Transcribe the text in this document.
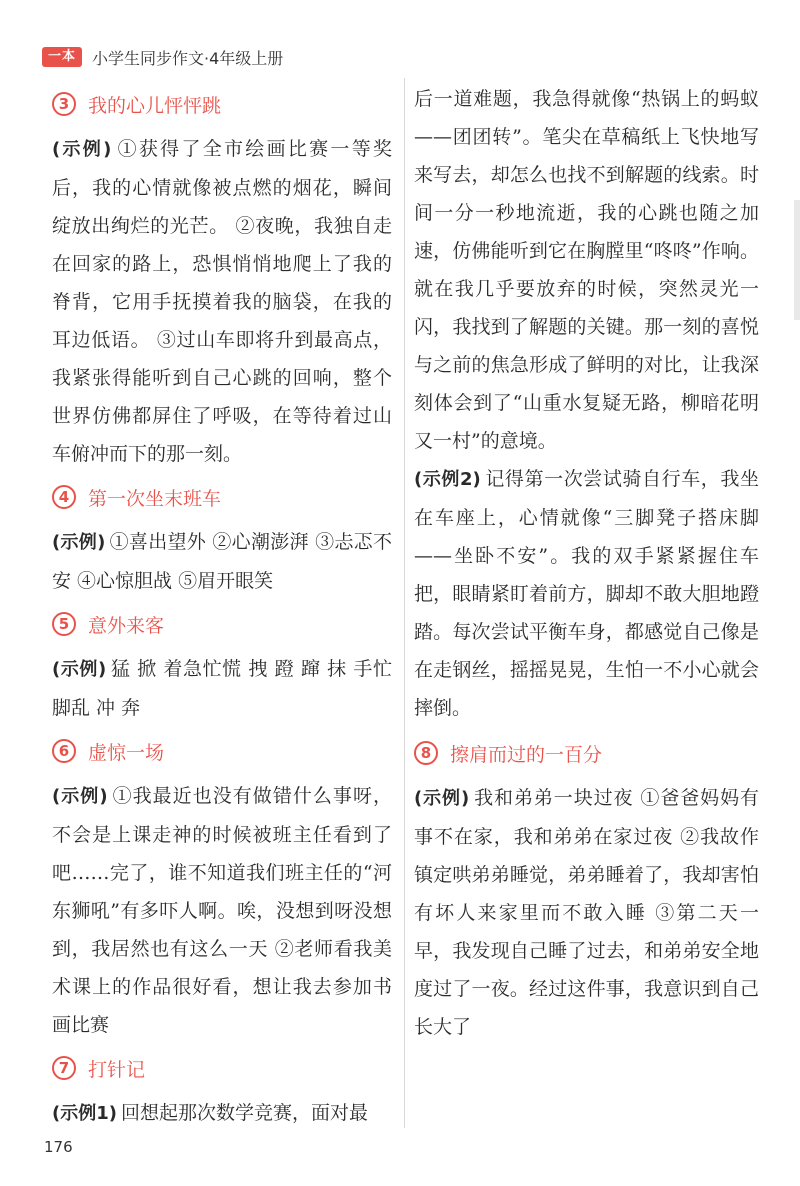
一本	小学生同步作文·4年级上册
3 我的心儿怦怦跳

(示例) ①获得了全市绘画比赛一等奖后，我的心情就像被点燃的烟花，瞬间绽放出绚烂的光芒。 ②夜晚，我独自走在回家的路上，恐惧悄悄地爬上了我的脊背，它用手抚摸着我的脑袋，在我的耳边低语。 ③过山车即将升到最高点，我紧张得能听到自己心跳的回响，整个世界仿佛都屏住了呼吸，在等待着过山车俯冲而下的那一刻。

4 第一次坐末班车

(示例) ①喜出望外 ②心潮澎湃 ③忐忑不安 ④心惊胆战 ⑤眉开眼笑

5 意外来客

(示例) 猛 掀 着急忙慌 拽 蹬 蹿 抹 手忙脚乱 冲 奔

6 虚惊一场

(示例) ①我最近也没有做错什么事呀，不会是上课走神的时候被班主任看到了吧……完了，谁不知道我们班主任的“河东狮吼”有多吓人啊。唉，没想到呀没想到，我居然也有这么一天 ②老师看我美术课上的作品很好看，想让我去参加书画比赛

7 打针记

(示例1) 回想起那次数学竞赛，面对最

后一道难题，我急得就像“热锅上的蚂蚁——团团转”。笔尖在草稿纸上飞快地写来写去，却怎么也找不到解题的线索。时间一分一秒地流逝，我的心跳也随之加速，仿佛能听到它在胸膛里“咚咚”作响。就在我几乎要放弃的时候，突然灵光一闪，我找到了解题的关键。那一刻的喜悦与之前的焦急形成了鲜明的对比，让我深刻体会到了“山重水复疑无路，柳暗花明又一村”的意境。

(示例2) 记得第一次尝试骑自行车，我坐在车座上，心情就像“三脚凳子搭床脚——坐卧不安”。我的双手紧紧握住车把，眼睛紧盯着前方，脚却不敢大胆地蹬踏。每次尝试平衡车身，都感觉自己像是在走钢丝，摇摇晃晃，生怕一不小心就会摔倒。

8 擦肩而过的一百分

(示例) 我和弟弟一块过夜 ①爸爸妈妈有事不在家，我和弟弟在家过夜 ②我故作镇定哄弟弟睡觉，弟弟睡着了，我却害怕有坏人来家里而不敢入睡 ③第二天一早，我发现自己睡了过去，和弟弟安全地度过了一夜。经过这件事，我意识到自己长大了

176
